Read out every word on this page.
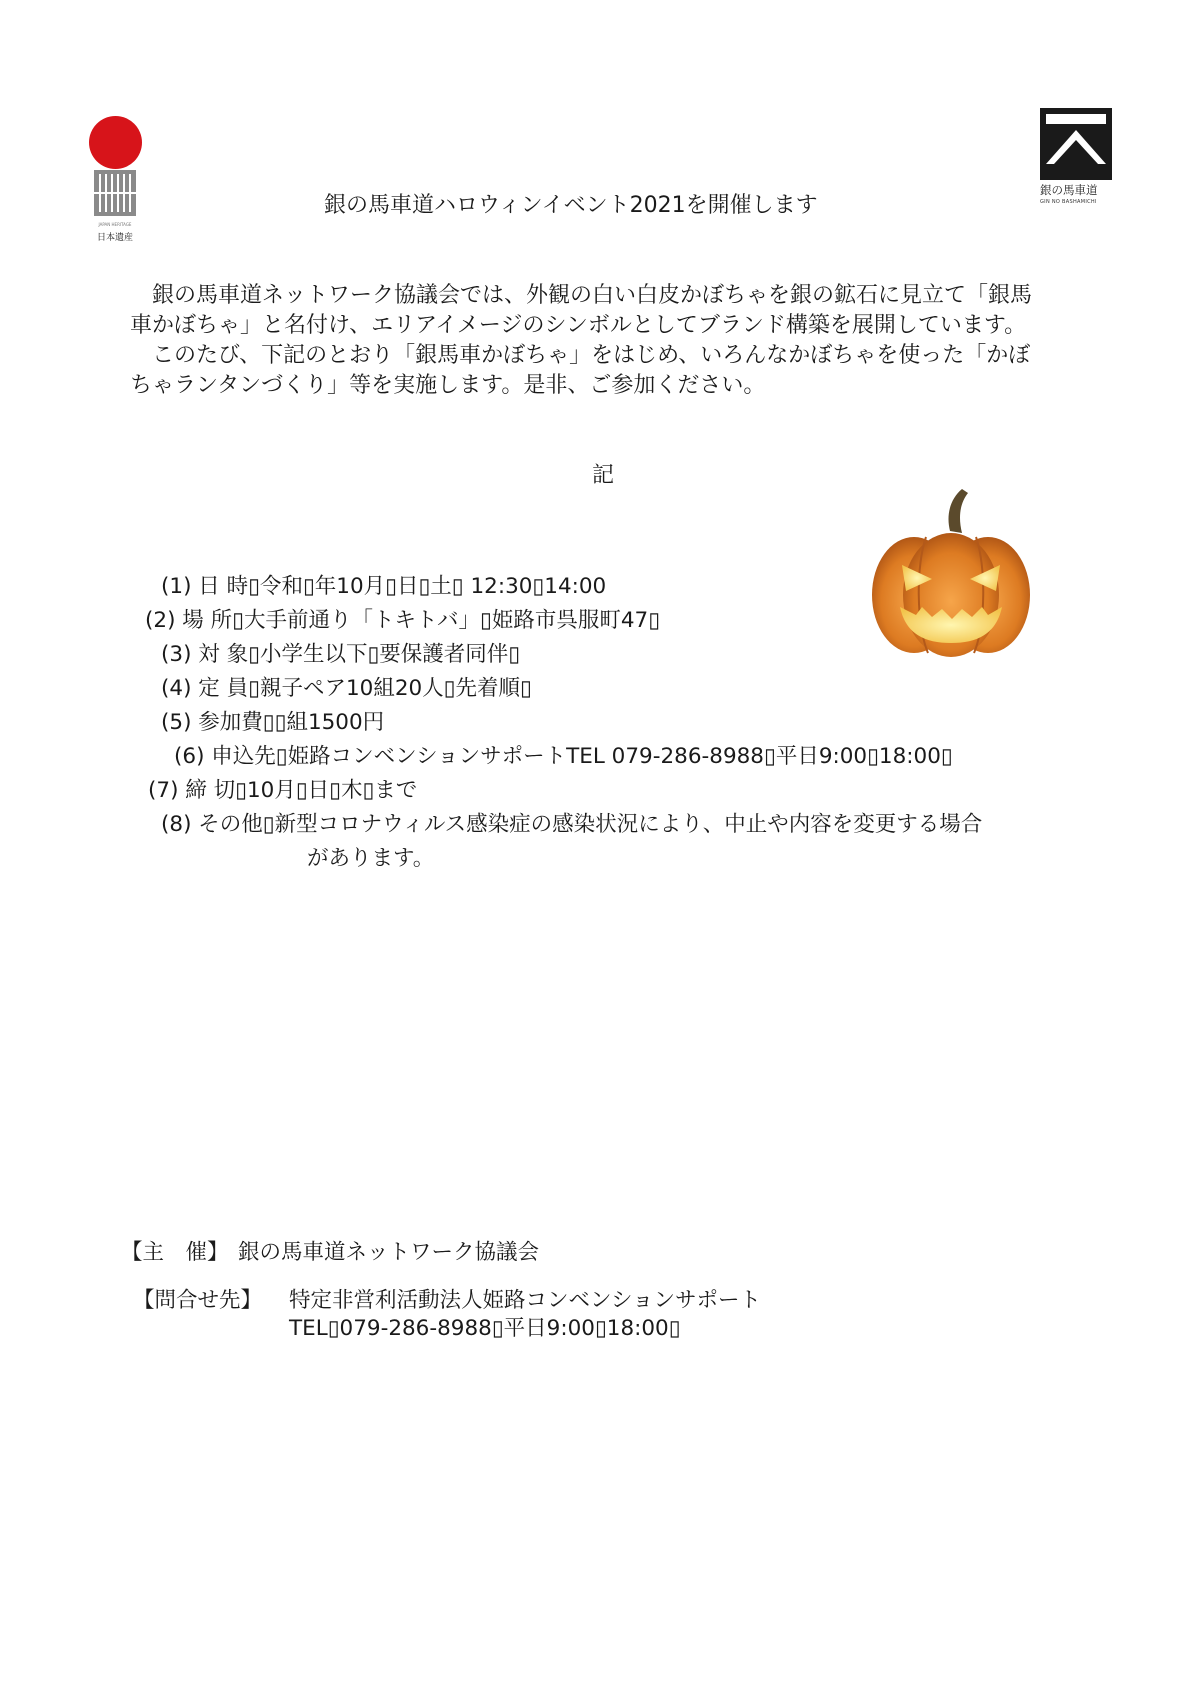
JAPAN HERITAGE
日本遺産
銀の馬車道
GIN NO BASHAMICHI
銀の馬車道ハロウィンイベント2021を開催します
　銀の馬車道ネットワーク協議会では、外観の白い白皮かぼちゃを銀の鉱石に見立て「銀馬
車かぼちゃ」と名付け、エリアイメージのシンボルとしてブランド構築を展開しています。
　このたび、下記のとおり「銀馬車かぼちゃ」をはじめ、いろんなかぼちゃを使った「かぼ
ちゃランタンづくり」等を実施します。是非、ご参加ください。
記
(1) 日 時▯令和▯年10月▯日▯土▯ 12:30▯14:00
(2) 場 所▯大手前通り「トキトバ」▯姫路市呉服町47▯
(3) 対 象▯小学生以下▯要保護者同伴▯
(4) 定 員▯親子ペア10組20人▯先着順▯
(5) 参加費▯▯組1500円
(6) 申込先▯姫路コンベンションサポートTEL 079-286-8988▯平日9:00▯18:00▯
(7) 締 切▯10月▯日▯木▯まで
(8) その他▯新型コロナウィルス感染症の感染状況により、中止や内容を変更する場合
があります。
【主　催】 銀の馬車道ネットワーク協議会
【問合せ先】 特定非営利活動法人姫路コンベンションサポート
TEL▯079-286-8988▯平日9:00▯18:00▯
